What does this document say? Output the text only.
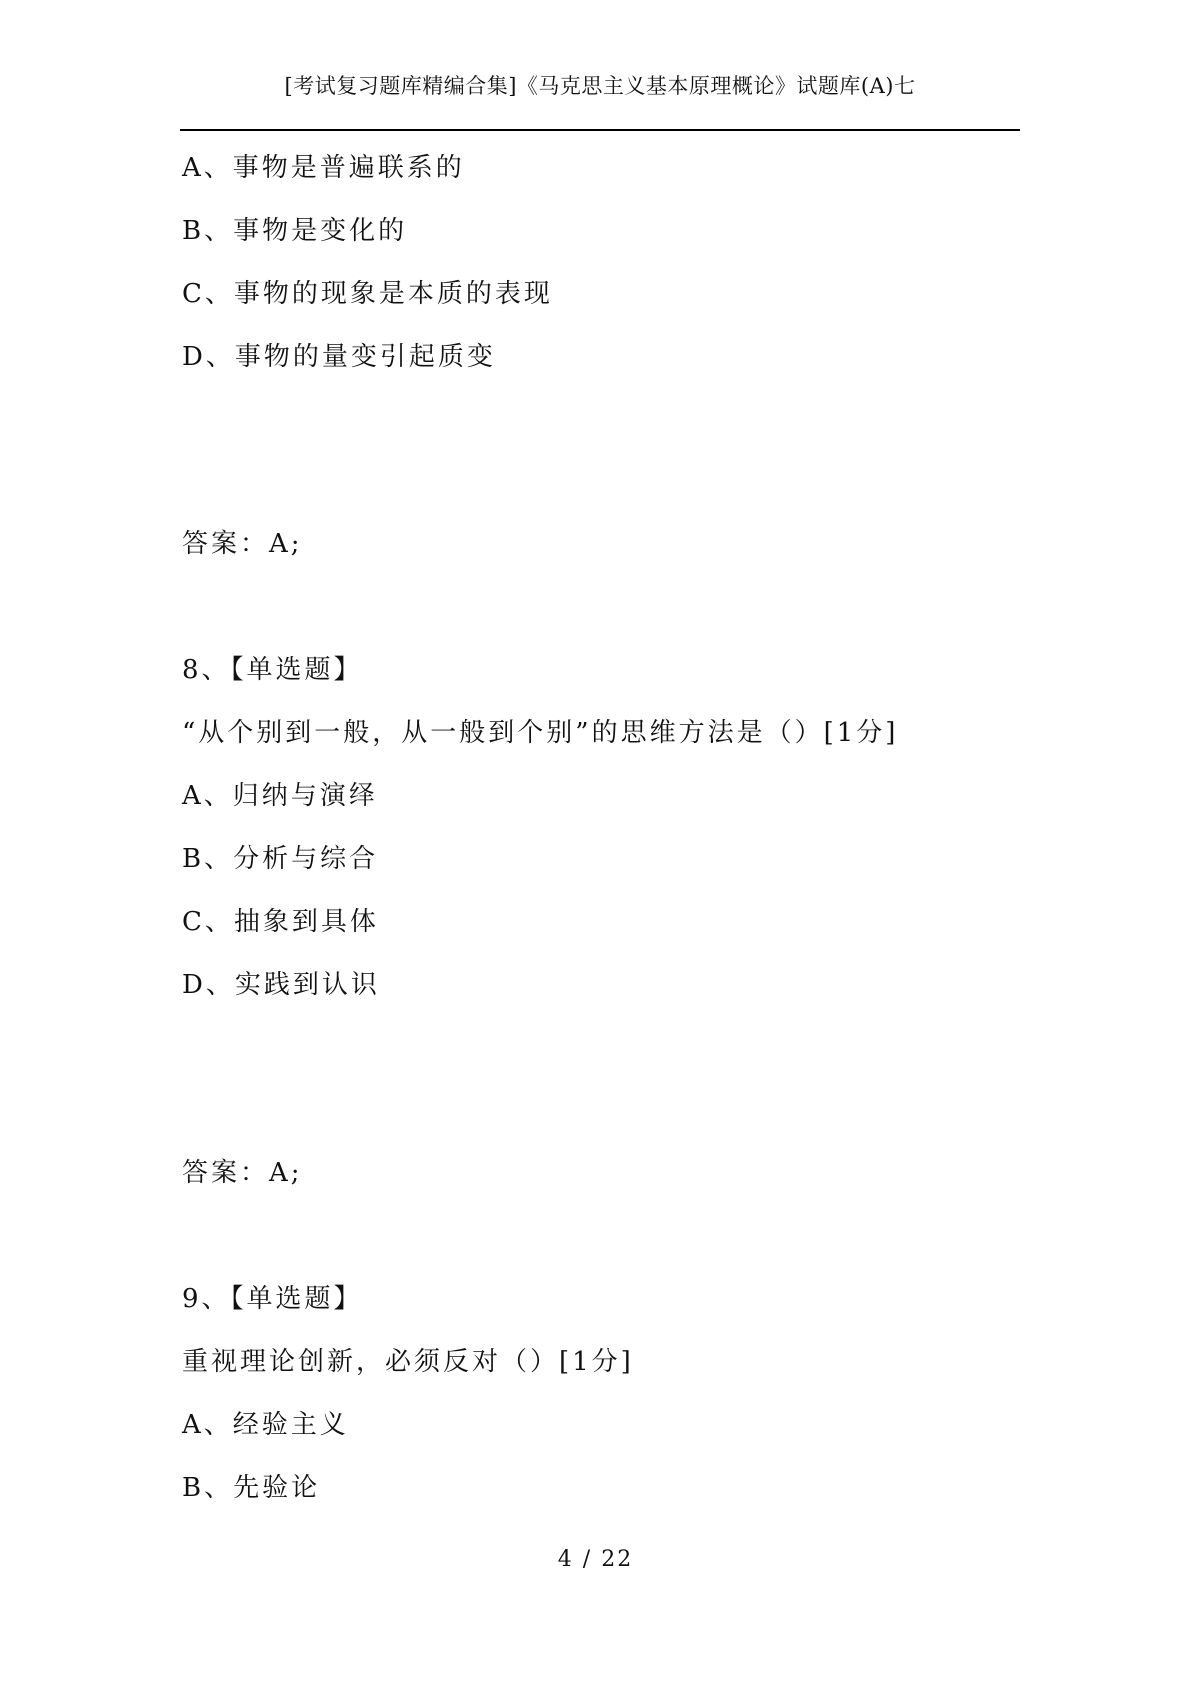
[考试复习题库精编合集]《马克思主义基本原理概论》试题库(A)七
A、事物是普遍联系的
B、事物是变化的
C、事物的现象是本质的表现
D、事物的量变引起质变
答案：A;
8、【单选题】
“从个别到一般，从一般到个别”的思维方法是（）[1分]
A、归纳与演绎
B、分析与综合
C、抽象到具体
D、实践到认识
答案：A;
9、【单选题】
重视理论创新，必须反对（）[1分]
A、经验主义
B、先验论
4 / 22
